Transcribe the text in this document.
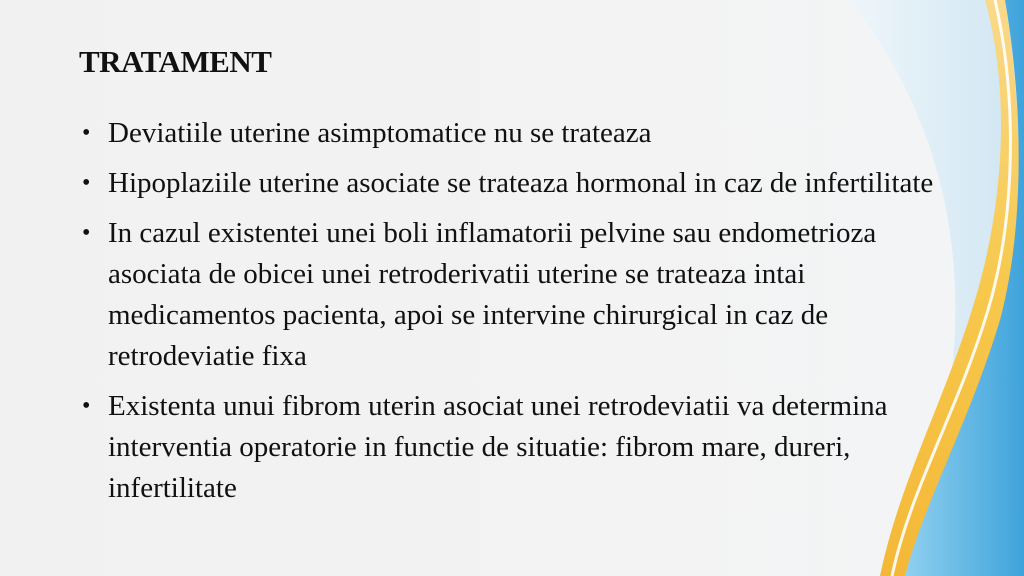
TRATAMENT
• Deviatiile uterine asimptomatice nu se trateaza
• Hipoplaziile uterine asociate se trateaza hormonal in caz de infertilitate
• In cazul existentei unei boli inflamatorii pelvine sau endometrioza asociata de obicei unei retroderivatii uterine se trateaza intai medicamentos pacienta, apoi se intervine chirurgical in caz de retrodeviatie fixa
• Existenta unui fibrom uterin asociat unei retrodeviatii va determina interventia operatorie in functie de situatie: fibrom mare, dureri, infertilitate
